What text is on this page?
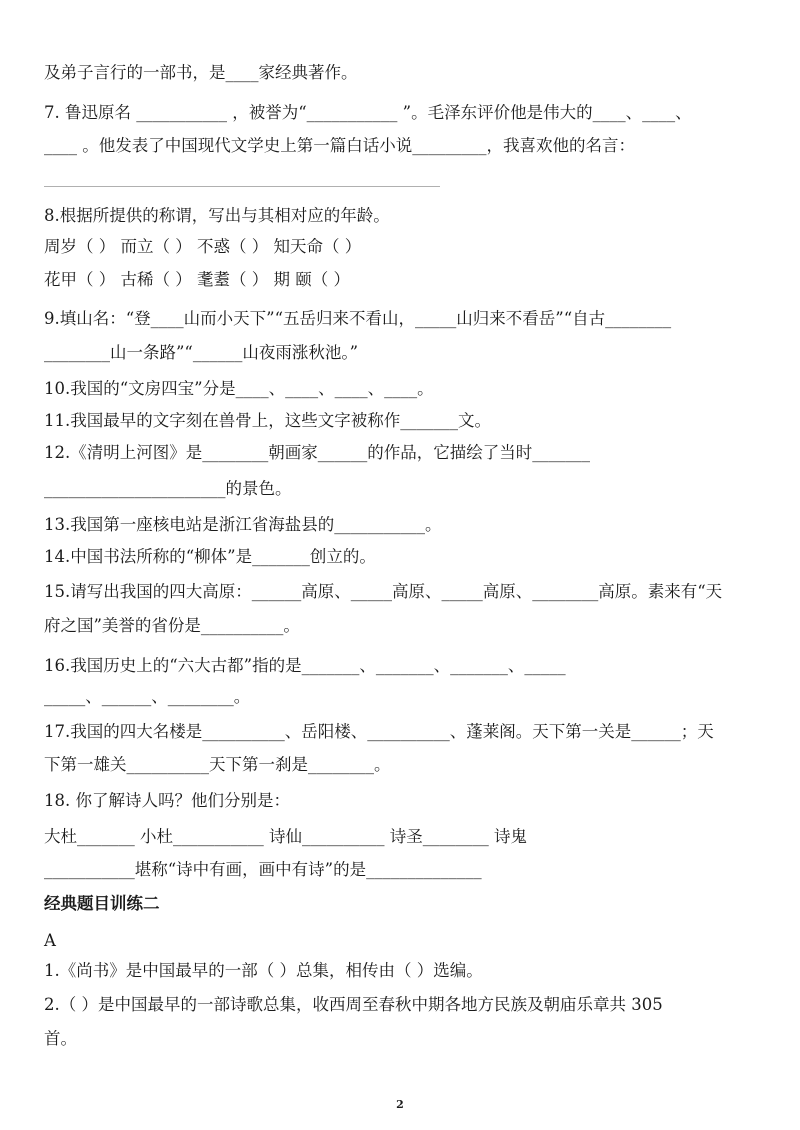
2
及弟子言行的一部书，是____家经典著作。
7. 鲁迅原名 ___________ ，被誉为“___________ ”。毛泽东评价他是伟大的____、____、
____ 。他发表了中国现代文学史上第一篇白话小说_________，我喜欢他的名言：
8.根据所提供的称谓，写出与其相对应的年龄。
周岁（ ） 而立（ ） 不惑（ ） 知天命（ ）
花甲（ ） 古稀（ ） 耄耋（ ） 期 颐（ ）
9.填山名：“登____山而小天下”“五岳归来不看山，_____山归来不看岳”“自古________
________山一条路”“______山夜雨涨秋池。”
10.我国的“文房四宝”分是____、____、____、____。
11.我国最早的文字刻在兽骨上，这些文字被称作_______文。
12.《清明上河图》是________朝画家______的作品，它描绘了当时_______
______________________的景色。
13.我国第一座核电站是浙江省海盐县的___________。
14.中国书法所称的“柳体”是_______创立的。
15.请写出我国的四大高原：______高原、_____高原、_____高原、________高原。素来有“天
府之国”美誉的省份是__________。
16.我国历史上的“六大古都”指的是_______、_______、_______、_____
_____、______、________。
17.我国的四大名楼是__________、岳阳楼、__________、蓬莱阁。天下第一关是______；天
下第一雄关__________天下第一刹是________。
18. 你了解诗人吗？他们分别是：
大杜_______ 小杜___________ 诗仙__________ 诗圣________ 诗鬼
___________堪称“诗中有画，画中有诗”的是______________
经典题目训练二
A
1.《尚书》是中国最早的一部（ ）总集，相传由（ ）选编。
2.（ ）是中国最早的一部诗歌总集，收西周至春秋中期各地方民族及朝庙乐章共 305
首。
